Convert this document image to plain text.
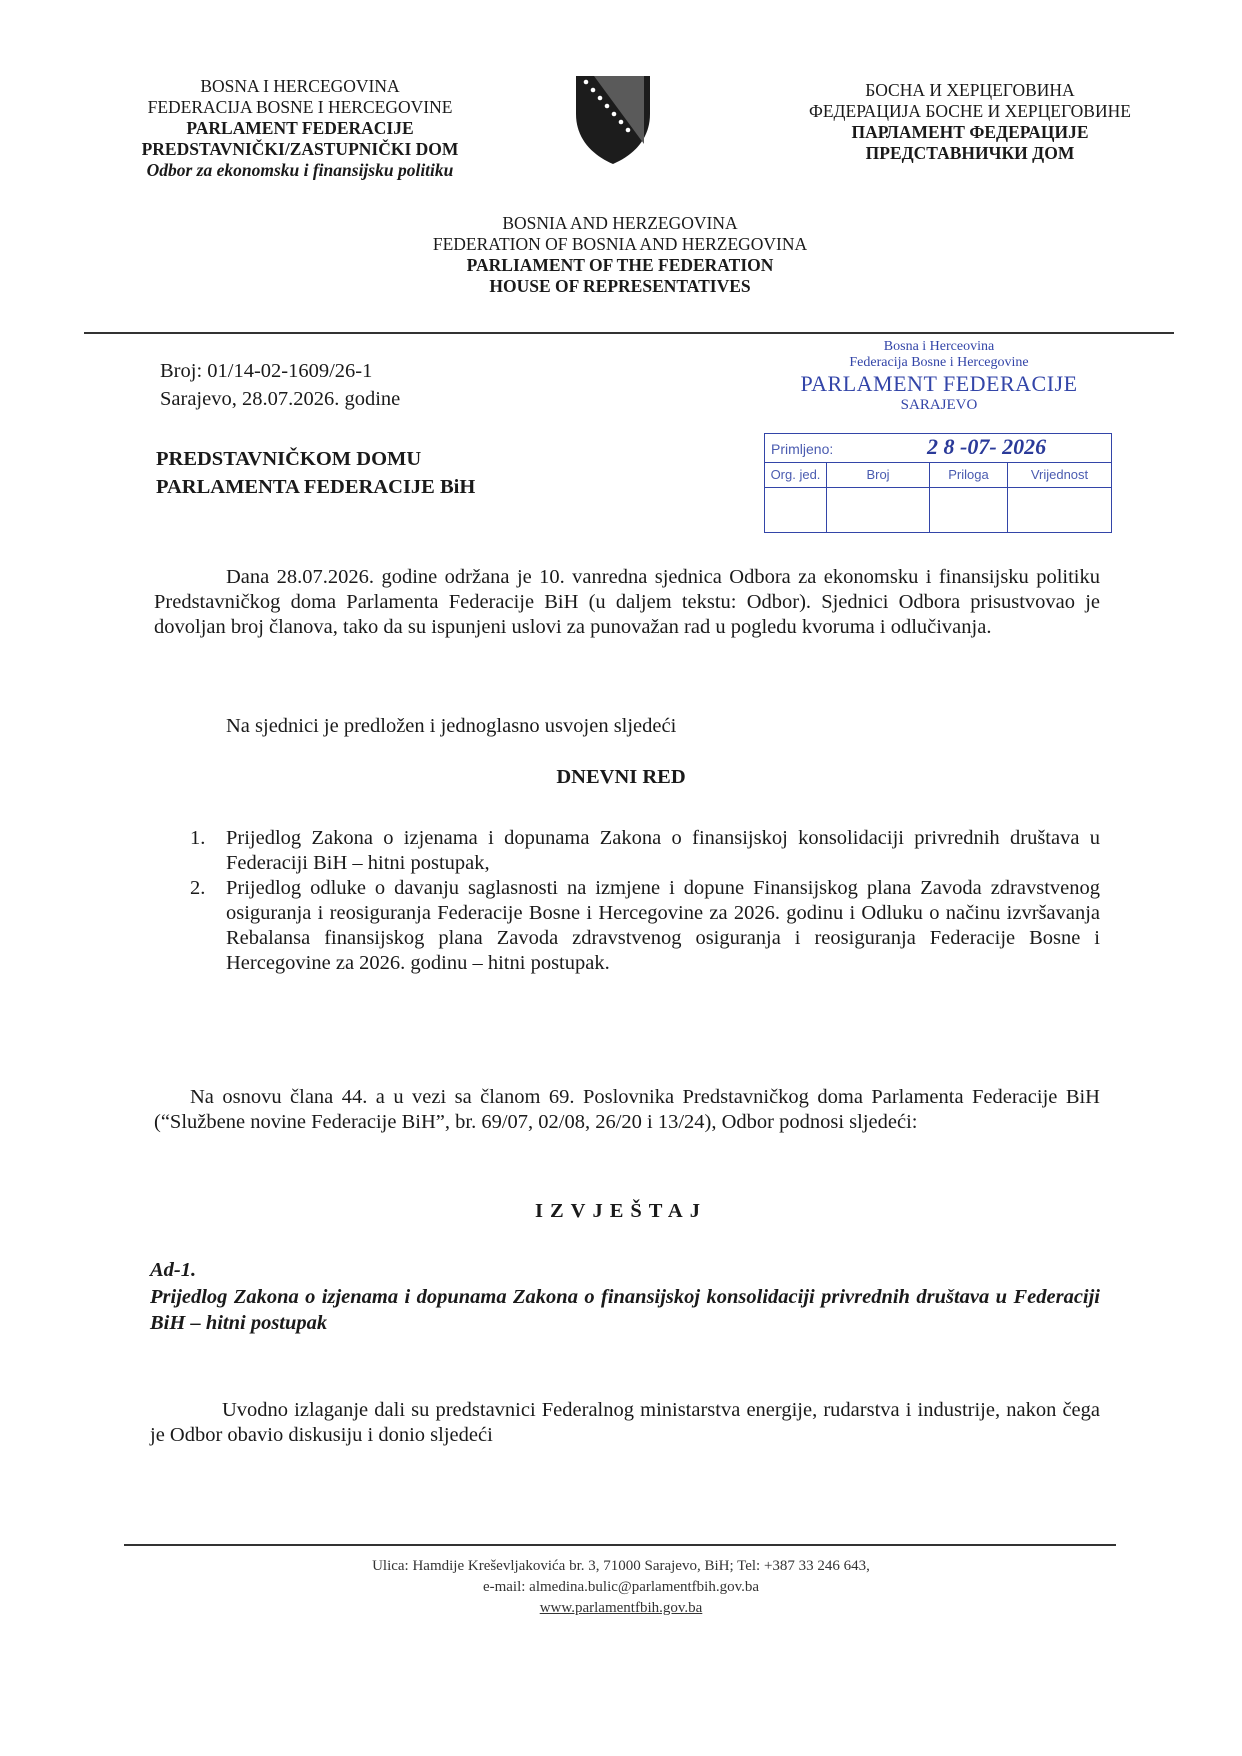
BOSNA I HERCEGOVINA
FEDERACIJA BOSNE I HERCEGOVINE
PARLAMENT FEDERACIJE
PREDSTAVNIČKI/ZASTUPNIČKI DOM
Odbor za ekonomsku i finansijsku politiku
БОСНА И ХЕРЦЕГОВИНА
ФЕДЕРАЦИЈА БОСНЕ И ХЕРЦЕГОВИНЕ
ПАРЛАМЕНТ ФЕДЕРАЦИЈЕ
ПРЕДСТАВНИЧКИ ДОМ
BOSNIA AND HERZEGOVINA
FEDERATION OF BOSNIA AND HERZEGOVINA
PARLIAMENT OF THE FEDERATION
HOUSE OF REPRESENTATIVES
Broj: 01/14-02-1609/26-1
Sarajevo, 28.07.2026. godine
PREDSTAVNIČKOM DOMU
PARLAMENTA FEDERACIJE BiH
Bosna i Herceovina
Federacija Bosne i Hercegovine
PARLAMENT FEDERACIJE
SARAJEVO
Primljeno:	2 8 -07- 2026
Org. jed.	Broj	Priloga	Vrijednost
Dana 28.07.2026. godine održana je 10. vanredna sjednica Odbora za ekonomsku i finansijsku politiku Predstavničkog doma Parlamenta Federacije BiH (u daljem tekstu: Odbor). Sjednici Odbora prisustvovao je dovoljan broj članova, tako da su ispunjeni uslovi za punovažan rad u pogledu kvoruma i odlučivanja.
Na sjednici je predložen i jednoglasno usvojen sljedeći
DNEVNI RED
1. Prijedlog Zakona o izjenama i dopunama Zakona o finansijskoj konsolidaciji privrednih društava u Federaciji BiH – hitni postupak,
2. Prijedlog odluke o davanju saglasnosti na izmjene i dopune Finansijskog plana Zavoda zdravstvenog osiguranja i reosiguranja Federacije Bosne i Hercegovine za 2026. godinu i Odluku o načinu izvršavanja Rebalansa finansijskog plana Zavoda zdravstvenog osiguranja i reosiguranja Federacije Bosne i Hercegovine za 2026. godinu – hitni postupak.
Na osnovu člana 44. a u vezi sa članom 69. Poslovnika Predstavničkog doma Parlamenta Federacije BiH (“Službene novine Federacije BiH”, br. 69/07, 02/08, 26/20 i 13/24), Odbor podnosi sljedeći:
IZVJEŠTAJ
Ad-1.
Prijedlog Zakona o izjenama i dopunama Zakona o finansijskoj konsolidaciji privrednih društava u Federaciji BiH – hitni postupak
Uvodno izlaganje dali su predstavnici Federalnog ministarstva energije, rudarstva i industrije, nakon čega je Odbor obavio diskusiju i donio sljedeći
Ulica: Hamdije Kreševljakovića br. 3, 71000 Sarajevo, BiH; Tel: +387 33 246 643,
e-mail: almedina.bulic@parlamentfbih.gov.ba
www.parlamentfbih.gov.ba
